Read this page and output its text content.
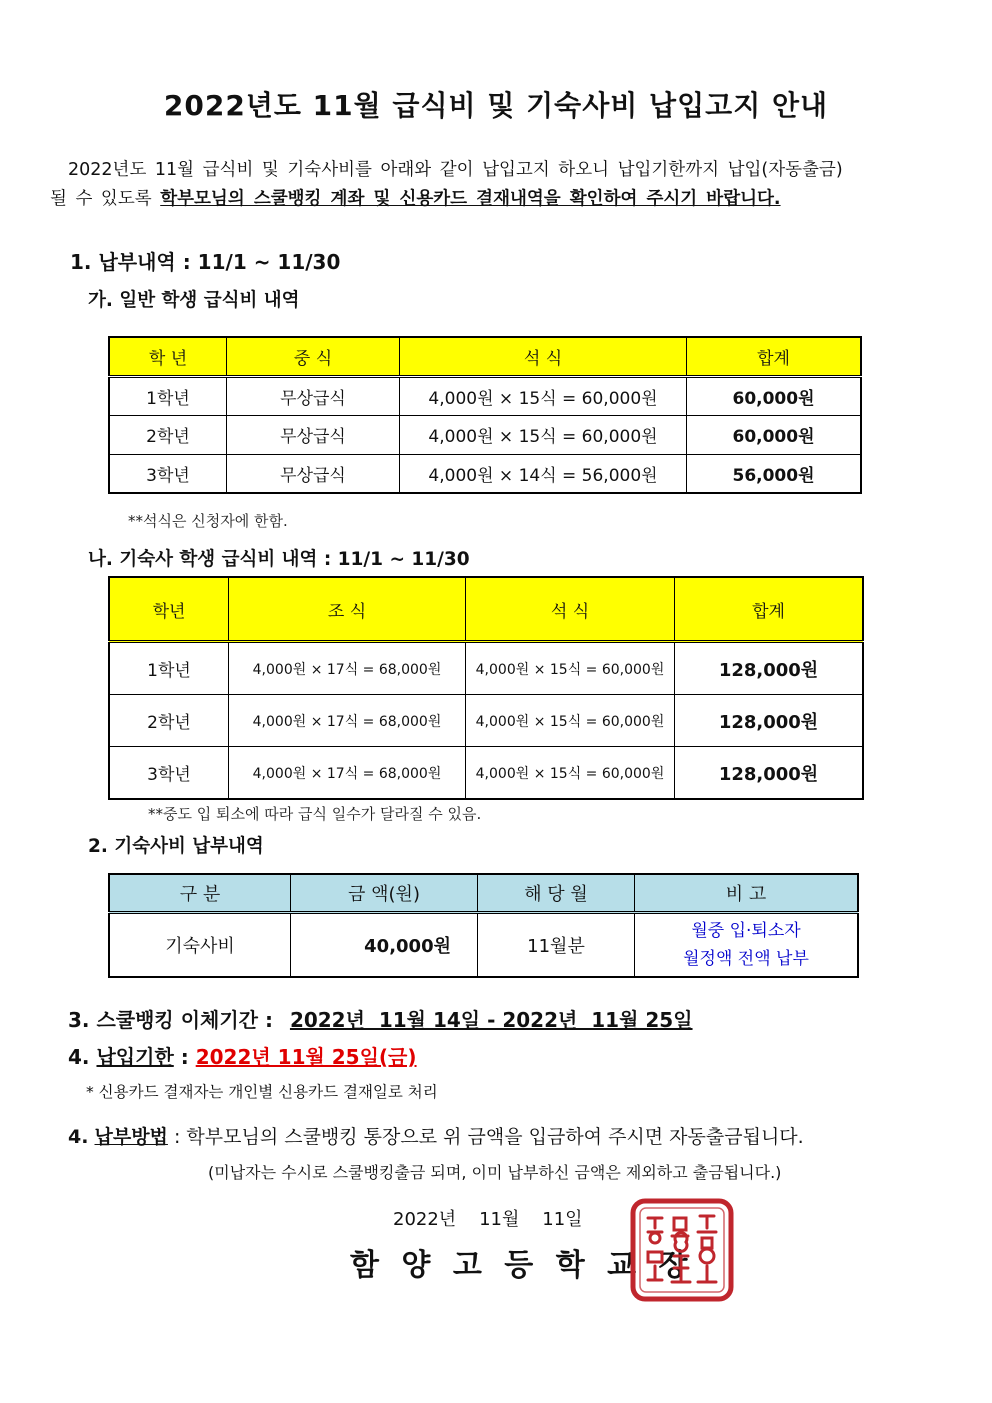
2022년도 11월 급식비 및 기숙사비 납입고지 안내
2022년도 11월 급식비 및 기숙사비를 아래와 같이 납입고지 하오니 납입기한까지 납입(자동출금)
될 수 있도록 학부모님의 스쿨뱅킹 계좌 및 신용카드 결재내역을 확인하여 주시기 바랍니다.
1. 납부내역 : 11/1 ~ 11/30
가. 일반 학생 급식비 내역
학 년	중 식	석 식	합계
1학년	무상급식	4,000원 × 15식 = 60,000원	60,000원
2학년	무상급식	4,000원 × 15식 = 60,000원	60,000원
3학년	무상급식	4,000원 × 14식 = 56,000원	56,000원
**석식은 신청자에 한함.
나. 기숙사 학생 급식비 내역 : 11/1 ~ 11/30
학년	조 식	석 식	합계
1학년	4,000원 × 17식 = 68,000원	4,000원 × 15식 = 60,000원	128,000원
2학년	4,000원 × 17식 = 68,000원	4,000원 × 15식 = 60,000원	128,000원
3학년	4,000원 × 17식 = 68,000원	4,000원 × 15식 = 60,000원	128,000원
**중도 입 퇴소에 따라 급식 일수가 달라질 수 있음.
2. 기숙사비 납부내역
구 분	금 액(원)	해 당 월	비 고
기숙사비	40,000원	11월분	월중 입·퇴소자
월정액 전액 납부
3. 스쿨뱅킹 이체기간 : 2022년  11월 14일 - 2022년  11월 25일
4. 납입기한 : 2022년 11월 25일(금)
* 신용카드 결재자는 개인별 신용카드 결재일로 처리
4. 납부방법 : 학부모님의 스쿨뱅킹 통장으로 위 금액을 입금하여 주시면 자동출금됩니다.
(미납자는 수시로 스쿨뱅킹출금 되며, 이미 납부하신 금액은 제외하고 출금됩니다.)
2022년    11월    11일
함 양 고 등 학 교 장
